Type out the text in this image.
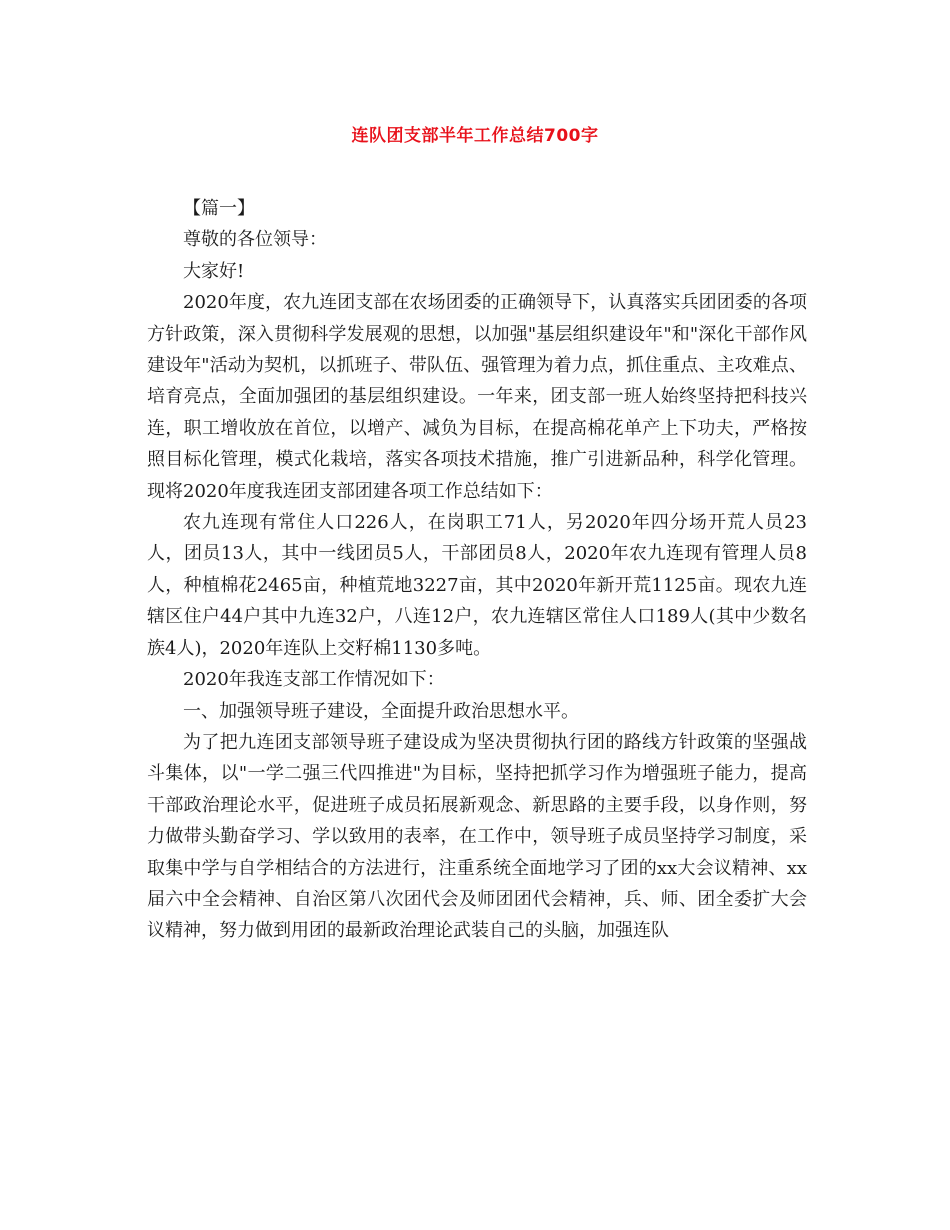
连队团支部半年工作总结700字

【篇一】

尊敬的各位领导：

大家好!

2020年度，农九连团支部在农场团委的正确领导下，认真落实兵团团委的各项方针政策，深入贯彻科学发展观的思想，以加强"基层组织建设年"和"深化干部作风建设年"活动为契机，以抓班子、带队伍、强管理为着力点，抓住重点、主攻难点、培育亮点，全面加强团的基层组织建设。一年来，团支部一班人始终坚持把科技兴连，职工增收放在首位，以增产、减负为目标，在提高棉花单产上下功夫，严格按照目标化管理，模式化栽培，落实各项技术措施，推广引进新品种，科学化管理。现将2020年度我连团支部团建各项工作总结如下：

农九连现有常住人口226人，在岗职工71人，另2020年四分场开荒人员23人，团员13人，其中一线团员5人，干部团员8人，2020年农九连现有管理人员8人，种植棉花2465亩，种植荒地3227亩，其中2020年新开荒1125亩。现农九连辖区住户44户其中九连32户，八连12户，农九连辖区常住人口189人(其中少数名族4人)，2020年连队上交籽棉1130多吨。

2020年我连支部工作情况如下：

一、加强领导班子建设，全面提升政治思想水平。

为了把九连团支部领导班子建设成为坚决贯彻执行团的路线方针政策的坚强战斗集体，以"一学二强三代四推进"为目标，坚持把抓学习作为增强班子能力，提高干部政治理论水平，促进班子成员拓展新观念、新思路的主要手段，以身作则，努力做带头勤奋学习、学以致用的表率，在工作中，领导班子成员坚持学习制度，采取集中学与自学相结合的方法进行，注重系统全面地学习了团的xx大会议精神、xx届六中全会精神、自治区第八次团代会及师团团代会精神，兵、师、团全委扩大会议精神，努力做到用团的最新政治理论武装自己的头脑，加强连队
